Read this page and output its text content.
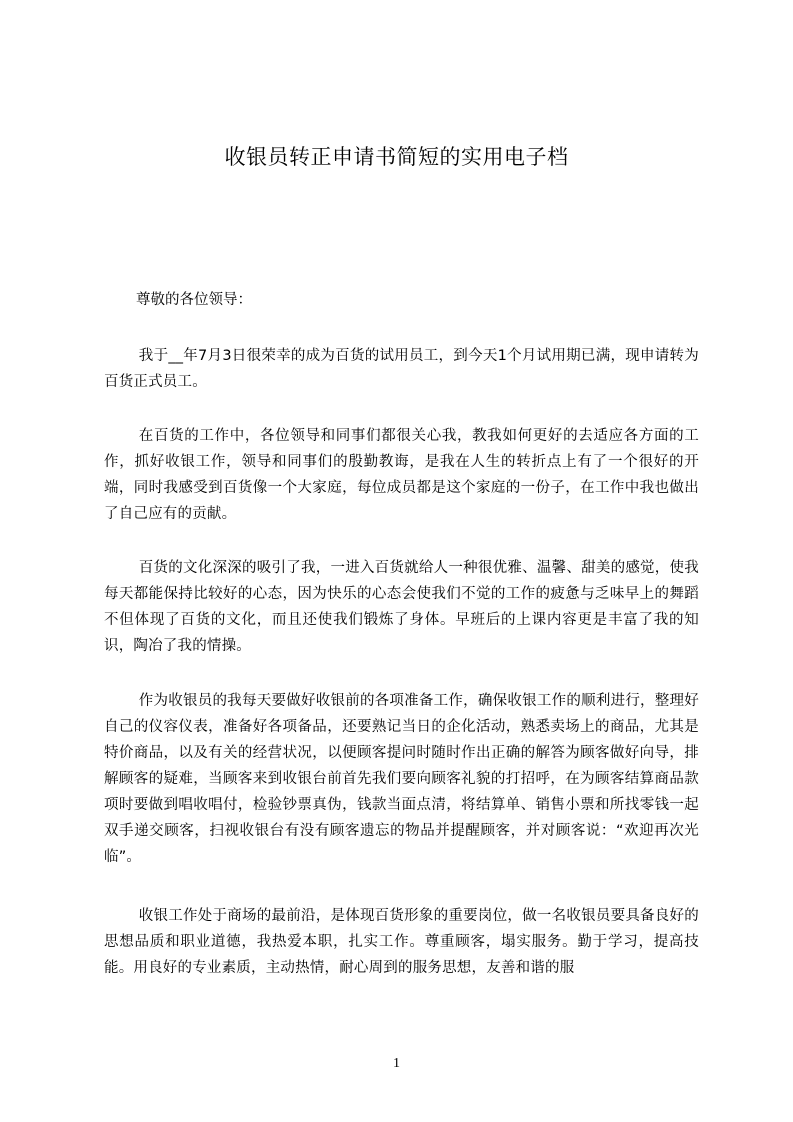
收银员转正申请书简短的实用电子档
尊敬的各位领导：

我于__年7月3日很荣幸的成为百货的试用员工，到今天1个月试用期已满，现申请转为百货正式员工。

在百货的工作中，各位领导和同事们都很关心我，教我如何更好的去适应各方面的工作，抓好收银工作，领导和同事们的殷勤教诲，是我在人生的转折点上有了一个很好的开端，同时我感受到百货像一个大家庭，每位成员都是这个家庭的一份子，在工作中我也做出了自己应有的贡献。

百货的文化深深的吸引了我，一进入百货就给人一种很优雅、温馨、甜美的感觉，使我每天都能保持比较好的心态，因为快乐的心态会使我们不觉的工作的疲惫与乏味早上的舞蹈不但体现了百货的文化，而且还使我们锻炼了身体。早班后的上课内容更是丰富了我的知识，陶冶了我的情操。

作为收银员的我每天要做好收银前的各项准备工作，确保收银工作的顺利进行，整理好自己的仪容仪表，准备好各项备品，还要熟记当日的企化活动，熟悉卖场上的商品，尤其是特价商品，以及有关的经营状况，以便顾客提问时随时作出正确的解答为顾客做好向导，排解顾客的疑难，当顾客来到收银台前首先我们要向顾客礼貌的打招呼，在为顾客结算商品款项时要做到唱收唱付，检验钞票真伪，钱款当面点清，将结算单、销售小票和所找零钱一起双手递交顾客，扫视收银台有没有顾客遗忘的物品并提醒顾客，并对顾客说：“欢迎再次光临”。

收银工作处于商场的最前沿，是体现百货形象的重要岗位，做一名收银员要具备良好的思想品质和职业道德，我热爱本职，扎实工作。尊重顾客，塌实服务。勤于学习，提高技能。用良好的专业素质，主动热情，耐心周到的服务思想，友善和谐的服

1
